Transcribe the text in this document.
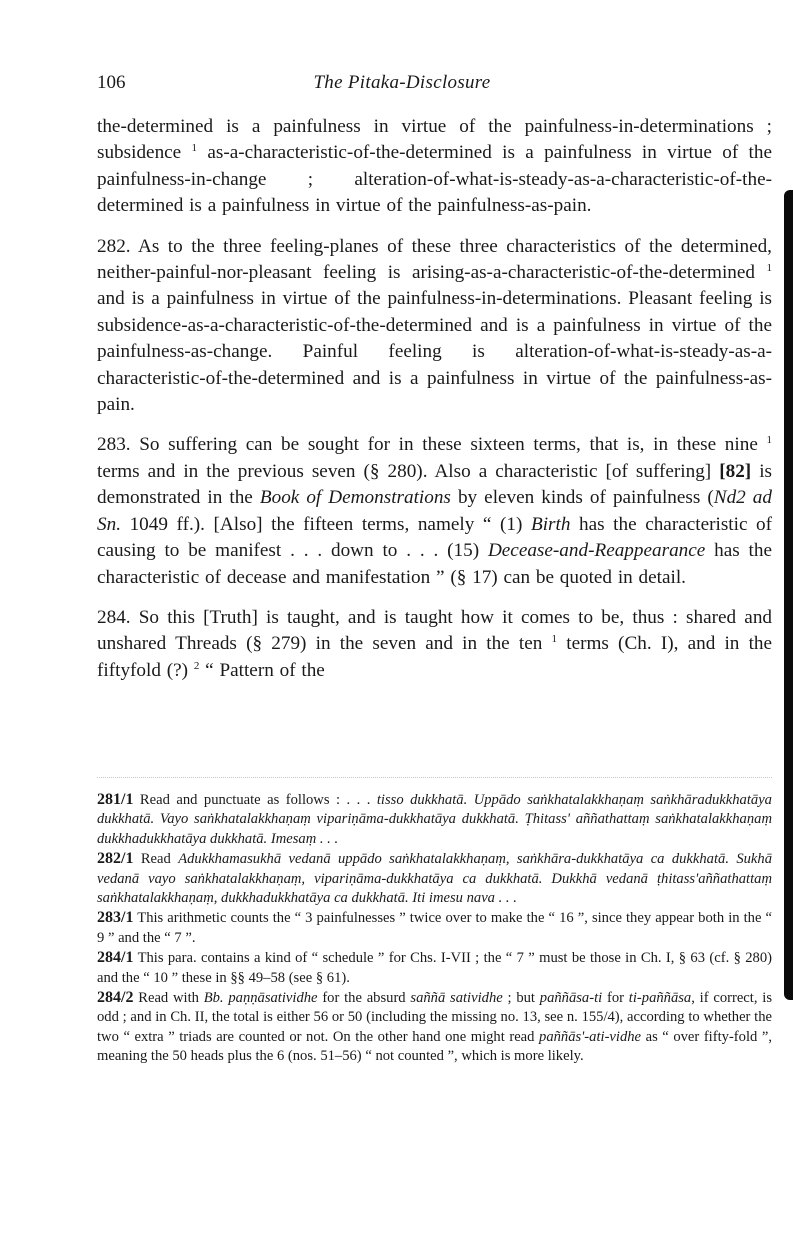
106	The Pitaka-Disclosure

the-determined is a painfulness in virtue of the painfulness-in-determinations ; subsidence $^1$ as-a-characteristic-of-the-determined is a painfulness in virtue of the painfulness-in-change ; alteration-of-what-is-steady-as-a-characteristic-of-the-determined is a painfulness in virtue of the painfulness-as-pain.

282. As to the three feeling-planes of these three characteristics of the determined, neither-painful-nor-pleasant feeling is arising-as-a-characteristic-of-the-determined $^1$ and is a painfulness in virtue of the painfulness-in-determinations. Pleasant feeling is subsidence-as-a-characteristic-of-the-determined and is a painfulness in virtue of the painfulness-as-change. Painful feeling is alteration-of-what-is-steady-as-a-characteristic-of-the-determined and is a painfulness in virtue of the painfulness-as-pain.

283. So suffering can be sought for in these sixteen terms, that is, in these nine $^1$ terms and in the previous seven (§ 280). Also a characteristic [of suffering] [82] is demonstrated in the Book of Demonstrations by eleven kinds of painfulness (Nd2 ad Sn. 1049 ff.). [Also] the fifteen terms, namely “ (1) Birth has the characteristic of causing to be manifest . . . down to . . . (15) Decease-and-Reappearance has the characteristic of decease and manifestation ” (§ 17) can be quoted in detail.

284. So this [Truth] is taught, and is taught how it comes to be, thus : shared and unshared Threads (§ 279) in the seven and in the ten $^1$ terms (Ch. I), and in the fiftyfold (?) $^2$ “ Pattern of the

281/1 Read and punctuate as follows : . . . tisso dukkhatā. Uppādo saṅkhatalakkhaṇaṃ saṅkhāradukkhatāya dukkhatā. Vayo saṅkhatalakkhaṇaṃ vipariṇāma-dukkhatāya dukkhatā. Ṭhitass' aññathattaṃ saṅkhatalakkhaṇaṃ dukkhadukkhatāya dukkhatā. Imesaṃ . . .

282/1 Read Adukkhamasukhā vedanā uppādo saṅkhatalakkhaṇaṃ, saṅkhāra-dukkhatāya ca dukkhatā. Sukhā vedanā vayo saṅkhatalakkhaṇaṃ, vipariṇāma-dukkhatāya ca dukkhatā. Dukkhā vedanā ṭhitass'aññathattaṃ saṅkhatalakkhaṇaṃ, dukkhadukkhatāya ca dukkhatā. Iti imesu nava . . .

283/1 This arithmetic counts the “ 3 painfulnesses ” twice over to make the “ 16 ”, since they appear both in the “ 9 ” and the “ 7 ”.

284/1 This para. contains a kind of “ schedule ” for Chs. I-VII ; the “ 7 ” must be those in Ch. I, § 63 (cf. § 280) and the “ 10 ” these in §§ 49–58 (see § 61).

284/2 Read with Bb. paṇṇāsatividhe for the absurd saññā satividhe ; but paññāsa-ti for ti-paññāsa, if correct, is odd ; and in Ch. II, the total is either 56 or 50 (including the missing no. 13, see n. 155/4), according to whether the two “ extra ” triads are counted or not. On the other hand one might read paññās'-ati-vidhe as “ over fifty-fold ”, meaning the 50 heads plus the 6 (nos. 51–56) “ not counted ”, which is more likely.
